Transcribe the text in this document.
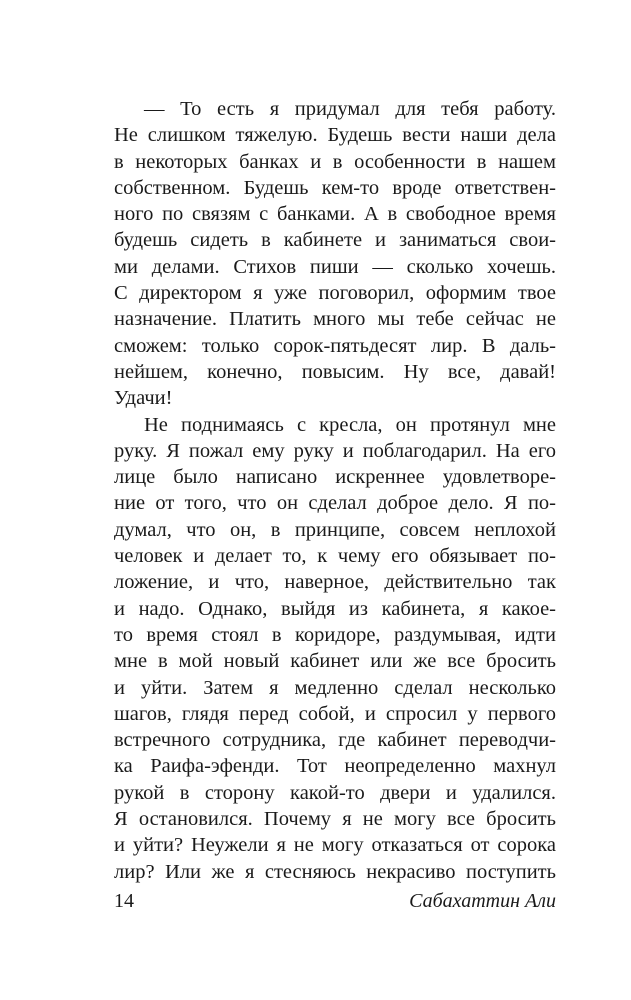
— То есть я придумал для тебя работу.
Не слишком тяжелую. Будешь вести наши дела
в некоторых банках и в особенности в нашем
собственном. Будешь кем-то вроде ответствен-
ного по связям с банками. А в свободное время
будешь сидеть в кабинете и заниматься свои-
ми делами. Стихов пиши — сколько хочешь.
С директором я уже поговорил, оформим твое
назначение. Платить много мы тебе сейчас не
сможем: только сорок-пятьдесят лир. В даль-
нейшем, конечно, повысим. Ну все, давай!
Удачи!
Не поднимаясь с кресла, он протянул мне
руку. Я пожал ему руку и поблагодарил. На его
лице было написано искреннее удовлетворе-
ние от того, что он сделал доброе дело. Я по-
думал, что он, в принципе, совсем неплохой
человек и делает то, к чему его обязывает по-
ложение, и что, наверное, действительно так
и надо. Однако, выйдя из кабинета, я какое-
то время стоял в коридоре, раздумывая, идти
мне в мой новый кабинет или же все бросить
и уйти. Затем я медленно сделал несколько
шагов, глядя перед собой, и спросил у первого
встречного сотрудника, где кабинет переводчи-
ка Раифа-эфенди. Тот неопределенно махнул
рукой в сторону какой-то двери и удалился.
Я остановился. Почему я не могу все бросить
и уйти? Неужели я не могу отказаться от сорока
лир? Или же я стесняюсь некрасиво поступить
14	Сабахаттин Али
